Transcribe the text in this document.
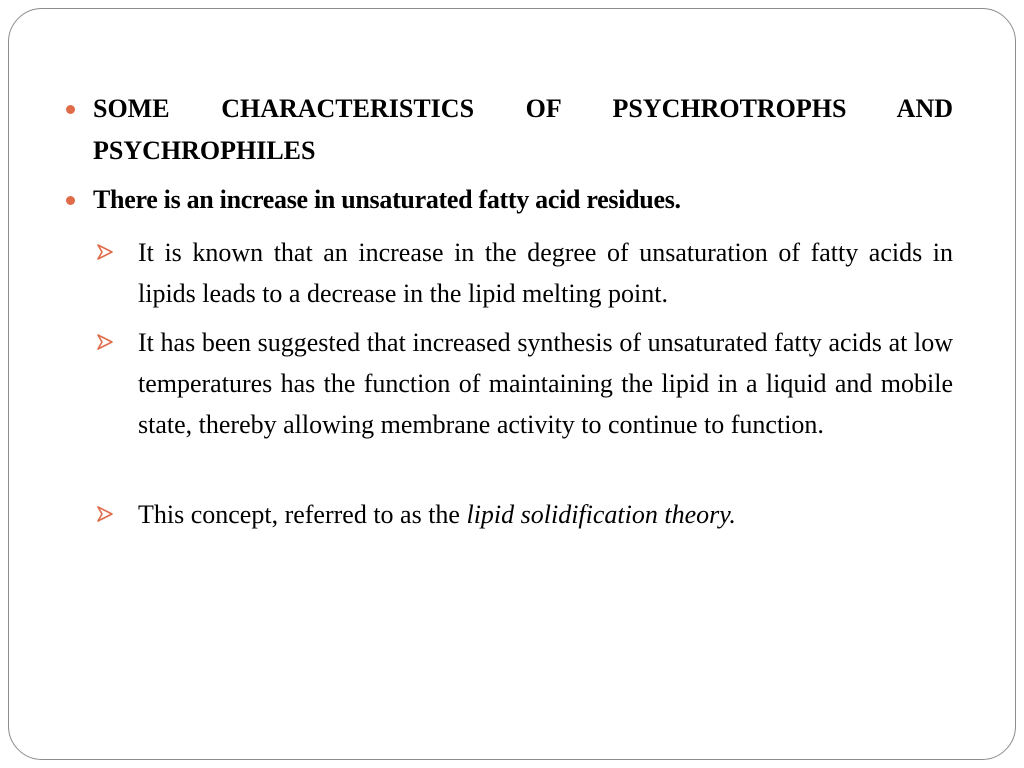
SOME CHARACTERISTICS OF PSYCHROTROPHS AND PSYCHROPHILES
There is an increase in unsaturated fatty acid residues.
It is known that an increase in the degree of unsaturation of fatty acids in lipids leads to a decrease in the lipid melting point.
It has been suggested that increased synthesis of unsaturated fatty acids at low temperatures has the function of maintaining the lipid in a liquid and mobile state, thereby allowing membrane activity to continue to function.
This concept, referred to as the lipid solidification theory.
